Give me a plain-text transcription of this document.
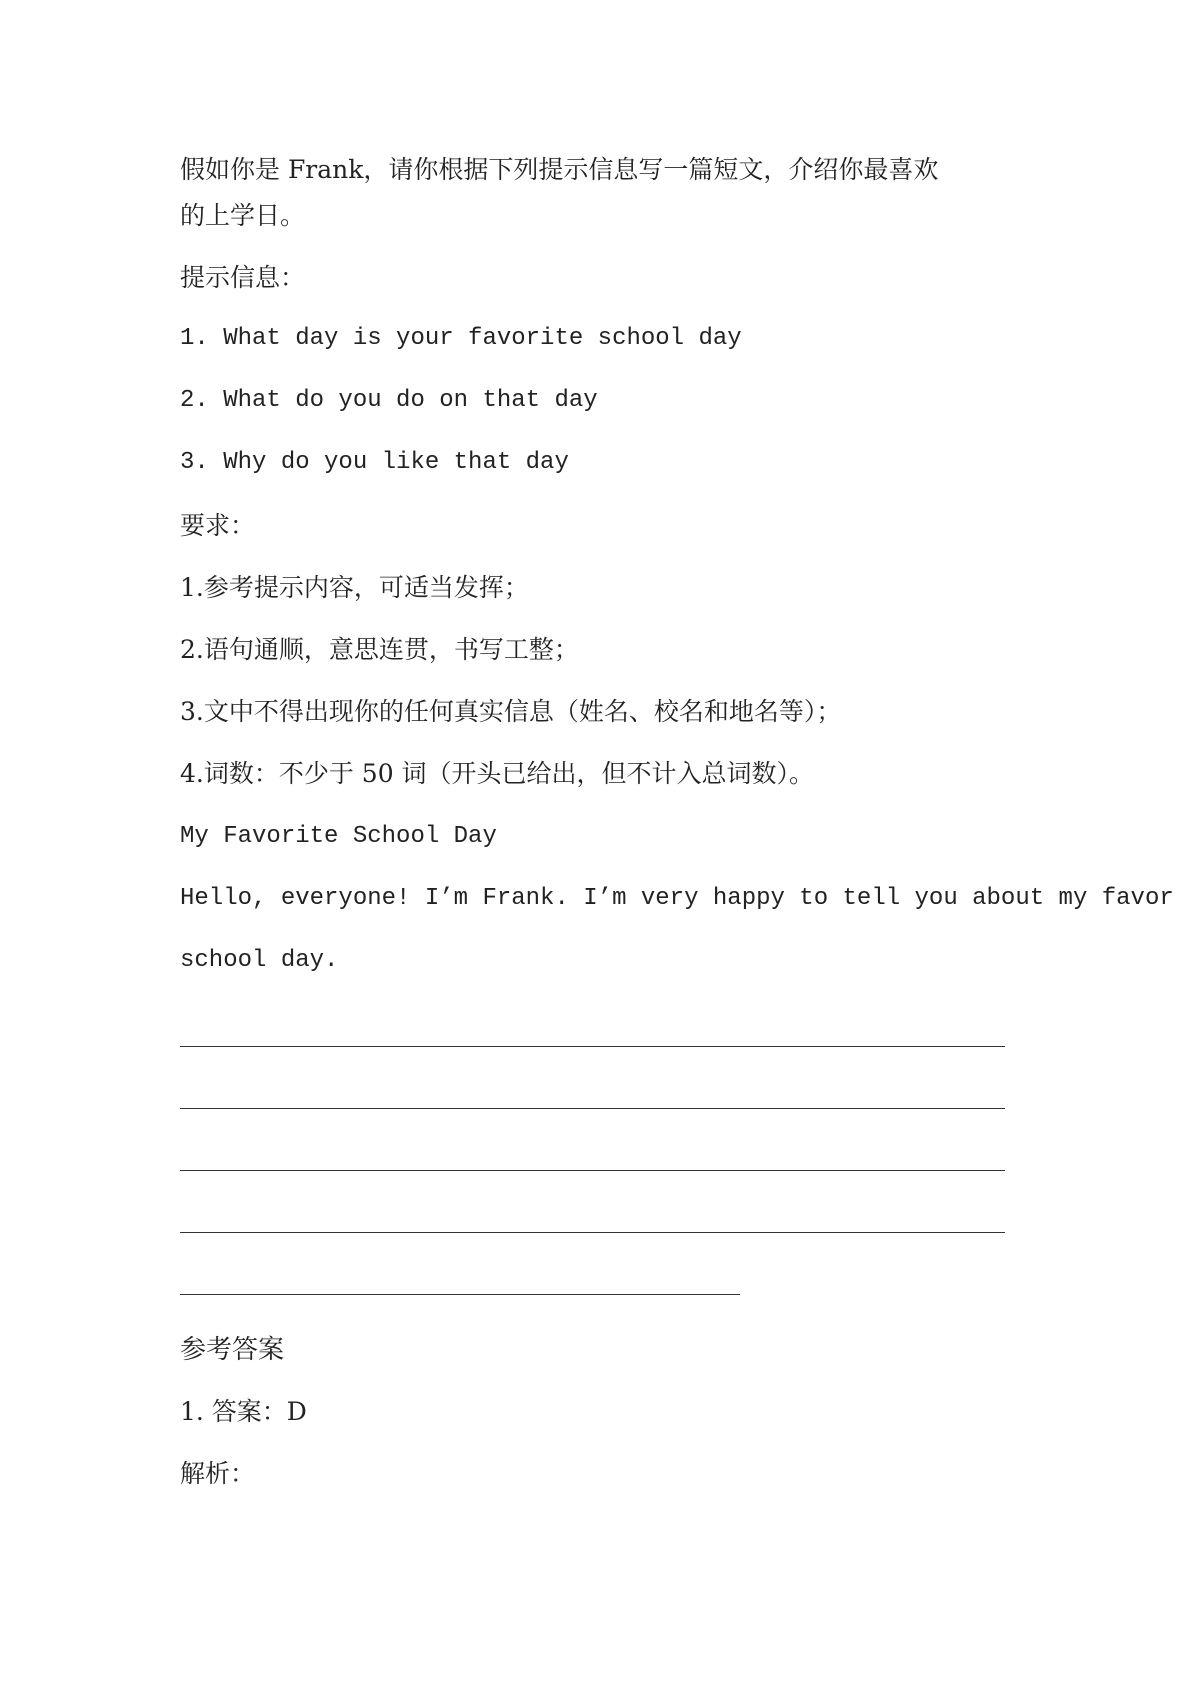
假如你是 Frank，请你根据下列提示信息写一篇短文，介绍你最喜欢

的上学日。

提示信息：

1. What day is your favorite school day

2. What do you do on that day

3. Why do you like that day

要求：

1.参考提示内容，可适当发挥；

2.语句通顺，意思连贯，书写工整；

3.文中不得出现你的任何真实信息（姓名、校名和地名等）；

4.词数：不少于 50 词（开头已给出，但不计入总词数）。

My Favorite School Day

Hello, everyone! I’m Frank. I’m very happy to tell you about my favor

school day.

参考答案

1. 答案：D

解析：
